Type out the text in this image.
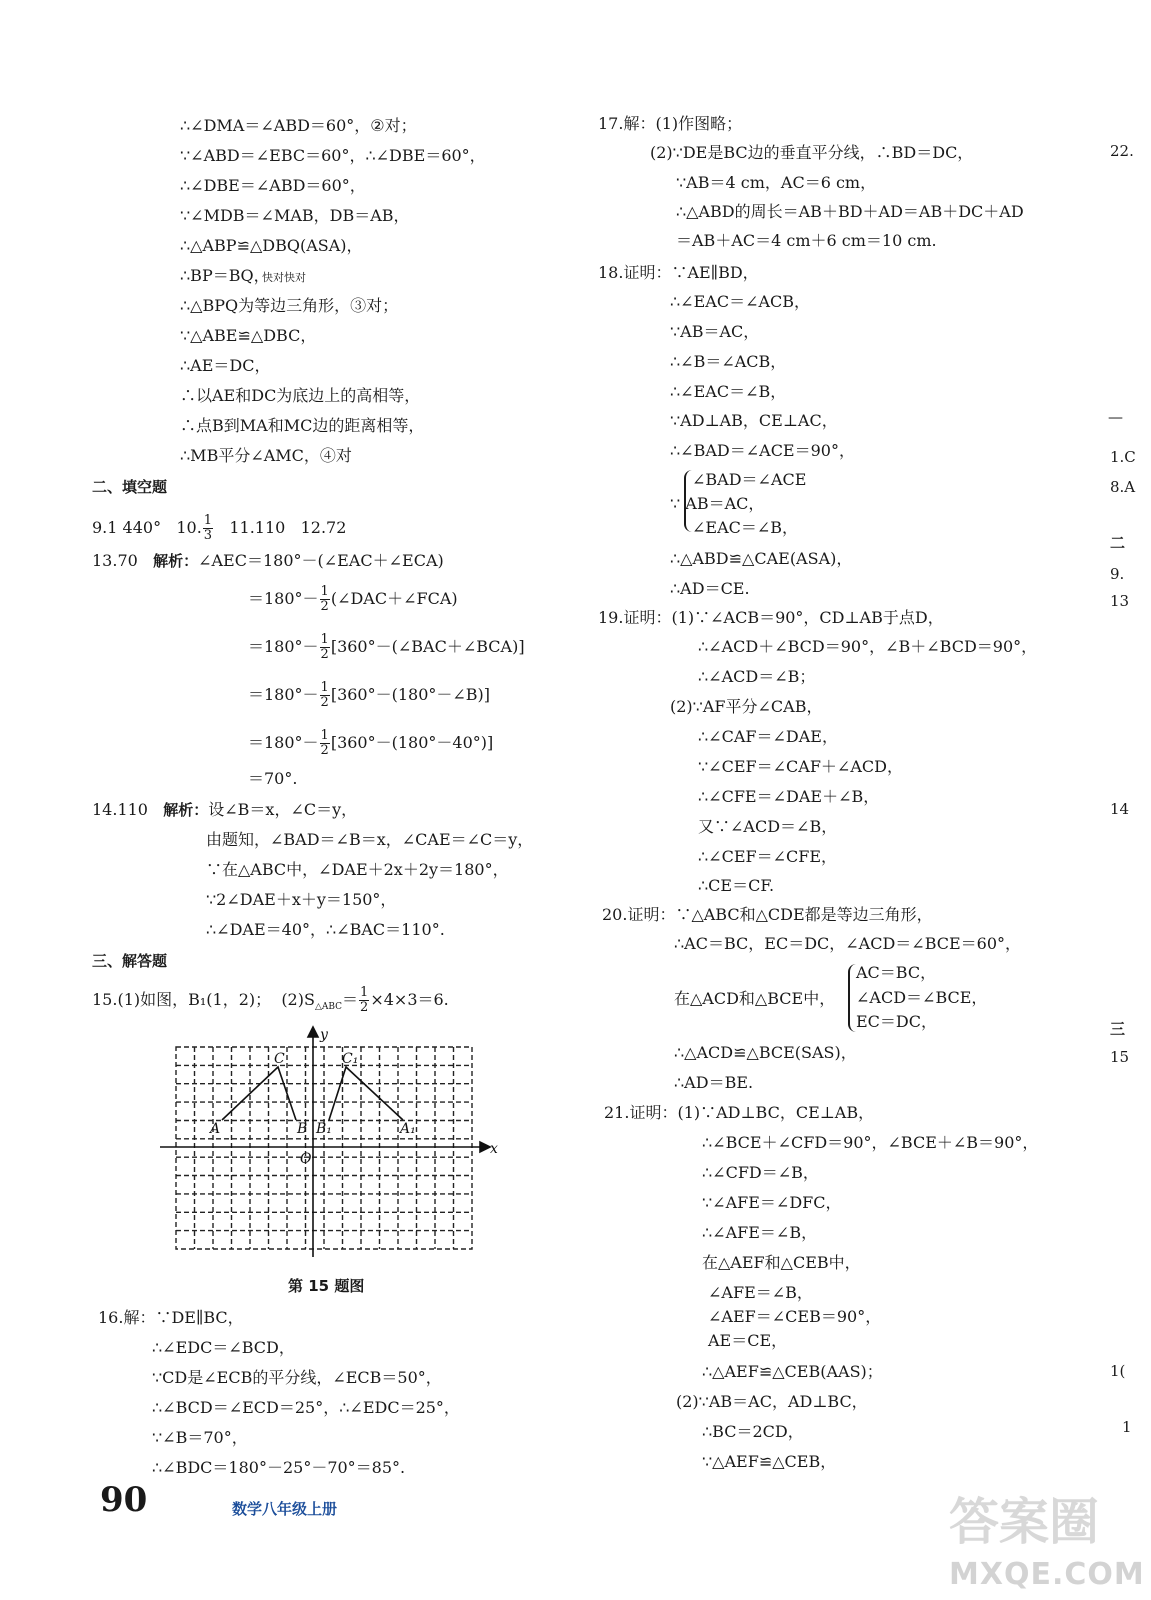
∴∠DMA＝∠ABD＝60°，②对；
∵∠ABD＝∠EBC＝60°，∴∠DBE＝60°，
∴∠DBE＝∠ABD＝60°，
∵∠MDB＝∠MAB，DB＝AB，
∴△ABP≌△DBQ(ASA)，
∴BP＝BQ，
快对快对
∴△BPQ为等边三角形，③对；
∵△ABE≌△DBC，
∴AE＝DC，
∴以AE和DC为底边上的高相等，
∴点B到MA和MC边的距离相等，
∴MB平分∠AMC，④对
二、填空题
9.1 440° 10. $\frac{1}{3} 11.110$ 12.72
13.70 解析：∠AEC＝180°－(∠EAC＋∠ECA)
$=180^\circ- \frac{1}{2}$ (∠DAC＋∠FCA)
$=180^\circ- \frac{1}{2}$ [360°－(∠BAC＋∠BCA)]
$=180^\circ- \frac{1}{2}$ [360°－(180°－∠B)]
$=180^\circ- \frac{1}{2} [360^\circ-(180^\circ-40^\circ)]$
＝70°.
14.110 解析：设∠B＝x，∠C＝y，
由题知，∠BAD＝∠B＝x，∠CAE＝∠C＝y，
∵在△ABC中，∠DAE＋2x＋2y＝180°，
∵2∠DAE＋x＋y＝150°，
∴∠DAE＝40°，∴∠BAC＝110°.
三、解答题
15.(1)如图，B₁(1，2)； $(2)S_{\triangle ABC}= \frac{1}{2} \times 4\times 3=6$.
y
x
O
C	C₁
A	B B₁	A₁
第 15 题图
16.解：∵DE∥BC，
∴∠EDC＝∠BCD，
∵CD是∠ECB的平分线，∠ECB＝50°，
∴∠BCD＝∠ECD＝25°，∴∠EDC＝25°，
∵∠B＝70°，
∴∠BDC＝180°－25°－70°＝85°.
17.解：(1)作图略；
(2)∵DE是BC边的垂直平分线，∴BD＝DC，
∵AB＝4 cm，AC＝6 cm，
∴△ABD的周长＝AB＋BD＋AD＝AB＋DC＋AD
＝AB＋AC＝4 cm＋6 cm＝10 cm.
18.证明：∵AE∥BD，
∴∠EAC＝∠ACB，
∵AB＝AC，
∴∠B＝∠ACB，
∴∠EAC＝∠B，
∵AD⊥AB，CE⊥AC，
∴∠BAD＝∠ACE＝90°，
∠BAD＝∠ACE
∵ AB＝AC，
∠EAC＝∠B，
∴△ABD≌△CAE(ASA)，
∴AD＝CE.
19.证明：(1)∵∠ACB＝90°，CD⊥AB于点D，
∴∠ACD＋∠BCD＝90°，∠B＋∠BCD＝90°，
∴∠ACD＝∠B；
(2)∵AF平分∠CAB，
∴∠CAF＝∠DAE，
∵∠CEF＝∠CAF＋∠ACD，
∴∠CFE＝∠DAE＋∠B，
又∵∠ACD＝∠B，
∴∠CEF＝∠CFE，
∴CE＝CF.
20.证明：∵△ABC和△CDE都是等边三角形，
∴AC＝BC，EC＝DC，∠ACD＝∠BCE＝60°，
在△ACD和△BCE中，
AC＝BC，
∠ACD＝∠BCE，
EC＝DC，
∴△ACD≌△BCE(SAS)，
∴AD＝BE.
21.证明：(1)∵AD⊥BC，CE⊥AB，
∴∠BCE＋∠CFD＝90°，∠BCE＋∠B＝90°，
∴∠CFD＝∠B，
∵∠AFE＝∠DFC，
∴∠AFE＝∠B，
在△AEF和△CEB中，
∠AFE＝∠B，
∠AEF＝∠CEB＝90°，
AE＝CE，
∴△AEF≌△CEB(AAS)；
(2)∵AB＝AC，AD⊥BC，
∴BC＝2CD，
∵△AEF≌△CEB，
22.
—
1.C
8.A
二
9.
13
14
三
15
1(
1
90	数学八年级上册	答案圈
MXQE.COM
